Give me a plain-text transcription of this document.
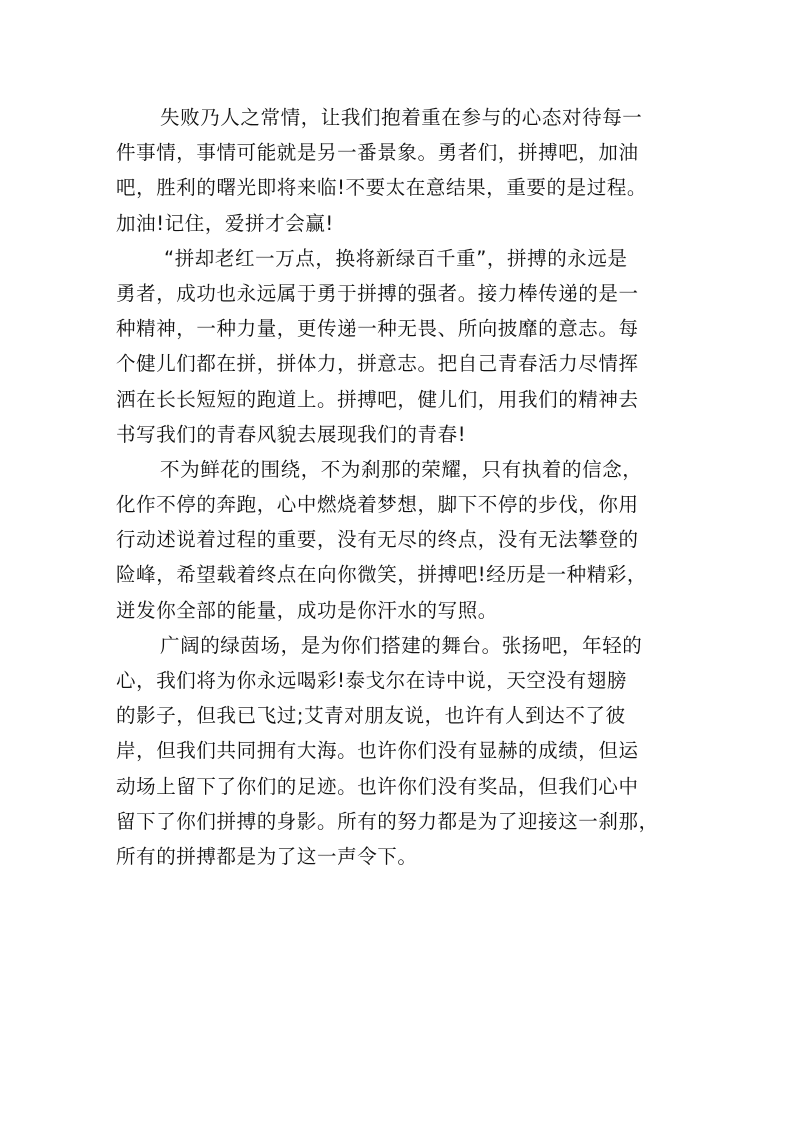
失败乃人之常情，让我们抱着重在参与的心态对待每一
件事情，事情可能就是另一番景象。勇者们，拼搏吧，加油
吧，胜利的曙光即将来临!不要太在意结果，重要的是过程。
加油!记住，爱拼才会赢!
“拼却老红一万点，换将新绿百千重”，拼搏的永远是
勇者，成功也永远属于勇于拼搏的强者。接力棒传递的是一
种精神，一种力量，更传递一种无畏、所向披靡的意志。每
个健儿们都在拼，拼体力，拼意志。把自己青春活力尽情挥
洒在长长短短的跑道上。拼搏吧，健儿们，用我们的精神去
书写我们的青春风貌去展现我们的青春!
不为鲜花的围绕，不为刹那的荣耀，只有执着的信念，
化作不停的奔跑，心中燃烧着梦想，脚下不停的步伐，你用
行动述说着过程的重要，没有无尽的终点，没有无法攀登的
险峰，希望载着终点在向你微笑，拼搏吧!经历是一种精彩，
迸发你全部的能量，成功是你汗水的写照。
广阔的绿茵场，是为你们搭建的舞台。张扬吧，年轻的
心，我们将为你永远喝彩!泰戈尔在诗中说，天空没有翅膀
的影子，但我已飞过;艾青对朋友说，也许有人到达不了彼
岸，但我们共同拥有大海。也许你们没有显赫的成绩，但运
动场上留下了你们的足迹。也许你们没有奖品，但我们心中
留下了你们拼搏的身影。所有的努力都是为了迎接这一刹那，
所有的拼搏都是为了这一声令下。
